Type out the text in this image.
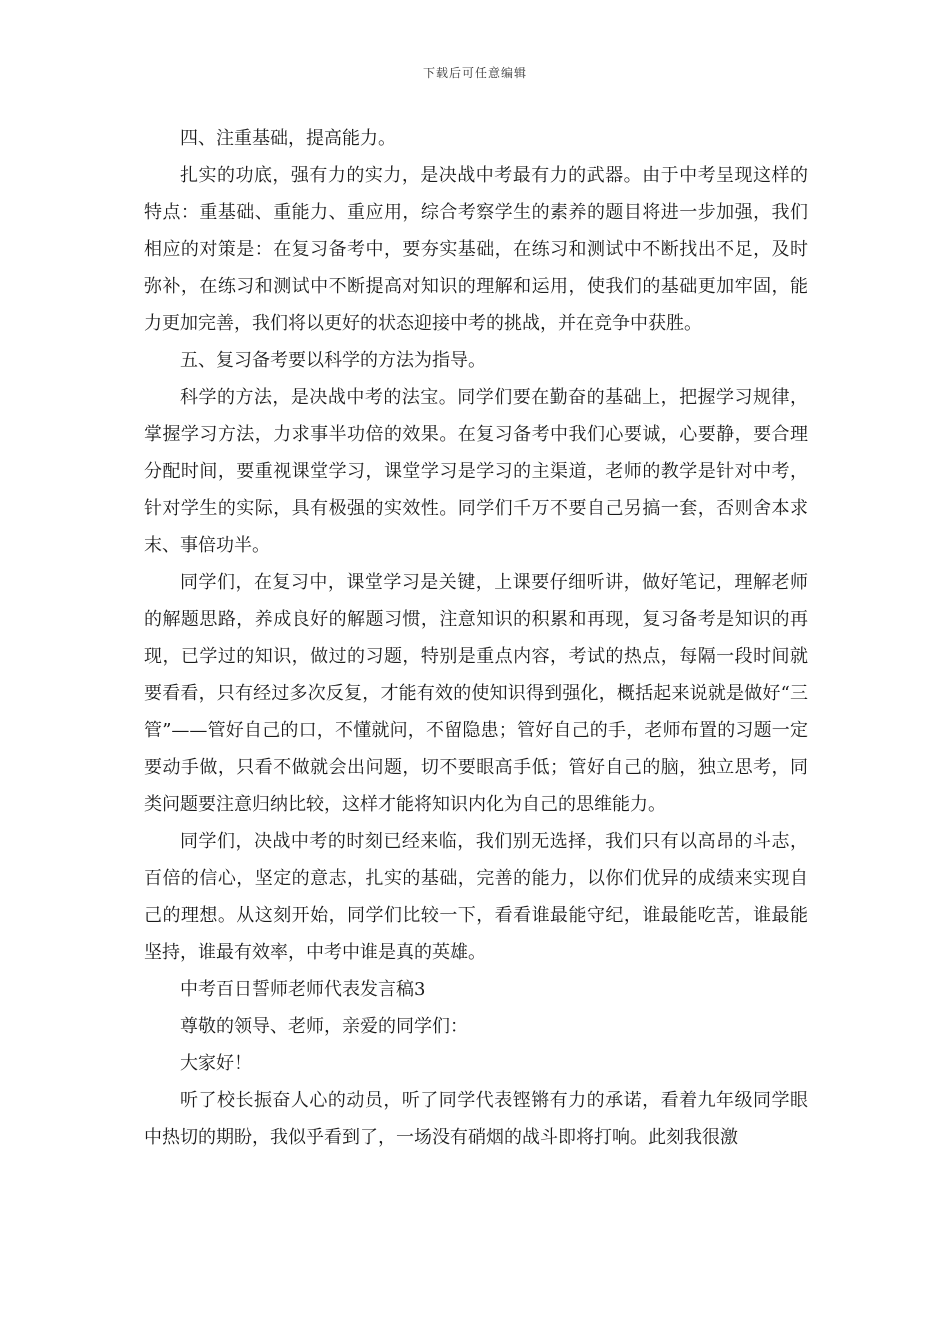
下载后可任意编辑

四、注重基础，提高能力。

扎实的功底，强有力的实力，是决战中考最有力的武器。由于中考呈现这样的特点：重基础、重能力、重应用，综合考察学生的素养的题目将进一步加强，我们相应的对策是：在复习备考中，要夯实基础，在练习和测试中不断找出不足，及时弥补，在练习和测试中不断提高对知识的理解和运用，使我们的基础更加牢固，能力更加完善，我们将以更好的状态迎接中考的挑战，并在竞争中获胜。

五、复习备考要以科学的方法为指导。

科学的方法，是决战中考的法宝。同学们要在勤奋的基础上，把握学习规律，掌握学习方法，力求事半功倍的效果。在复习备考中我们心要诚，心要静，要合理分配时间，要重视课堂学习，课堂学习是学习的主渠道，老师的教学是针对中考，针对学生的实际，具有极强的实效性。同学们千万不要自己另搞一套，否则舍本求末、事倍功半。

同学们，在复习中，课堂学习是关键，上课要仔细听讲，做好笔记，理解老师的解题思路，养成良好的解题习惯，注意知识的积累和再现，复习备考是知识的再现，已学过的知识，做过的习题，特别是重点内容，考试的热点，每隔一段时间就要看看，只有经过多次反复，才能有效的使知识得到强化，概括起来说就是做好“三管”——管好自己的口，不懂就问，不留隐患；管好自己的手，老师布置的习题一定要动手做，只看不做就会出问题，切不要眼高手低；管好自己的脑，独立思考，同类问题要注意归纳比较，这样才能将知识内化为自己的思维能力。

同学们，决战中考的时刻已经来临，我们别无选择，我们只有以高昂的斗志，百倍的信心，坚定的意志，扎实的基础，完善的能力，以你们优异的成绩来实现自己的理想。从这刻开始，同学们比较一下，看看谁最能守纪，谁最能吃苦，谁最能坚持，谁最有效率，中考中谁是真的英雄。

中考百日誓师老师代表发言稿3

尊敬的领导、老师，亲爱的同学们：

大家好！

听了校长振奋人心的动员，听了同学代表铿锵有力的承诺，看着九年级同学眼中热切的期盼，我似乎看到了，一场没有硝烟的战斗即将打响。此刻我很激
